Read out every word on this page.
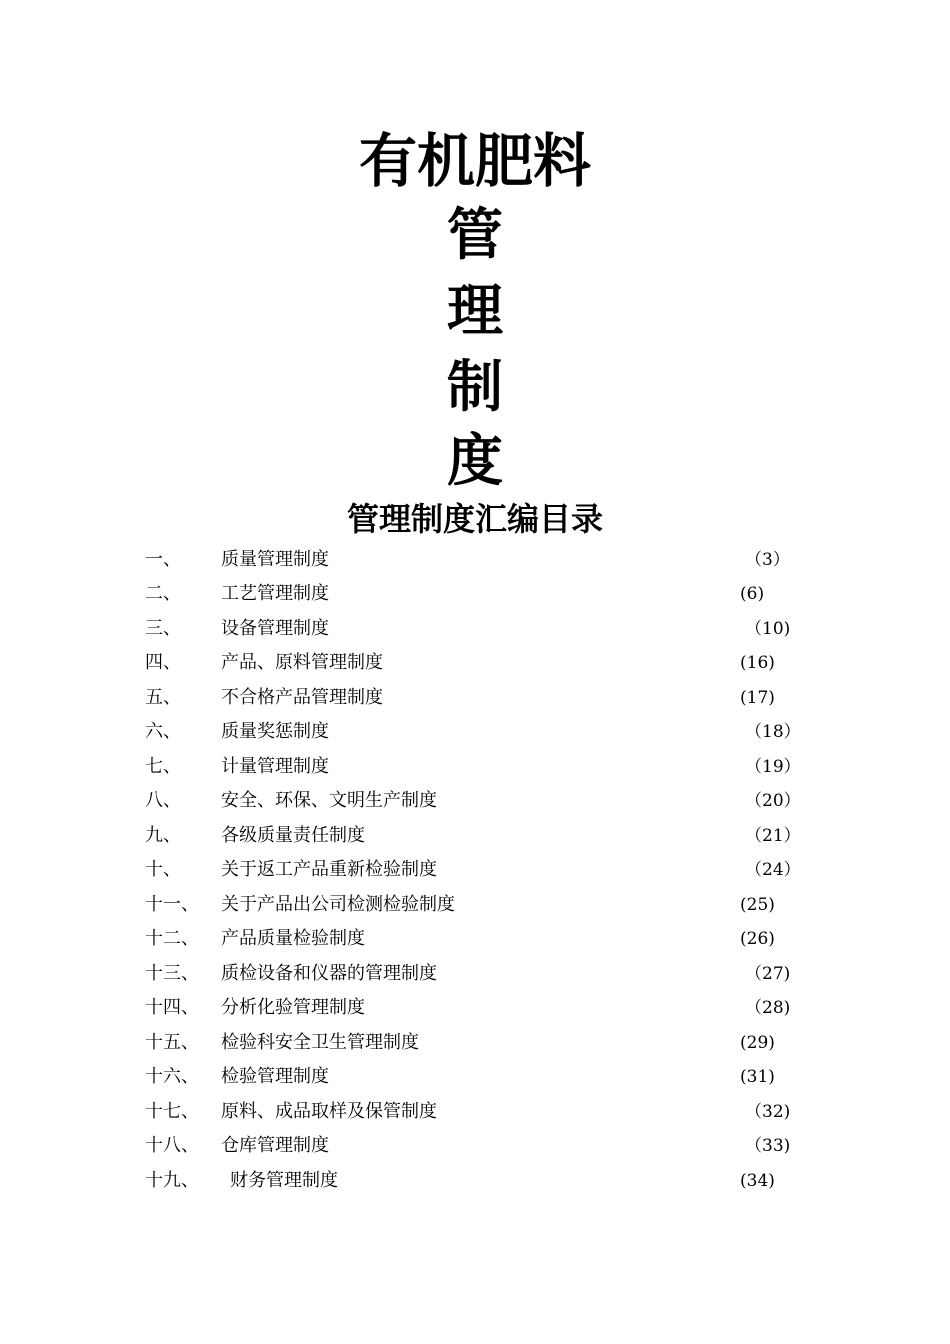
有机肥料
管
理
制
度
管理制度汇编目录
一、 质量管理制度	（3）
二、 工艺管理制度	(6)
三、 设备管理制度	（10)
四、 产品、原料管理制度	(16)
五、 不合格产品管理制度	(17)
六、 质量奖惩制度	（18）
七、 计量管理制度	（19）
八、 安全、环保、文明生产制度	（20）
九、 各级质量责任制度	（21）
十、 关于返工产品重新检验制度	（24）
十一、 关于产品出公司检测检验制度	(25)
十二、 产品质量检验制度	(26)
十三、 质检设备和仪器的管理制度	（27)
十四、 分析化验管理制度	（28)
十五、 检验科安全卫生管理制度	(29)
十六、 检验管理制度	(31)
十七、 原料、成品取样及保管制度	（32)
十八、 仓库管理制度	（33)
十九、 财务管理制度	(34)
